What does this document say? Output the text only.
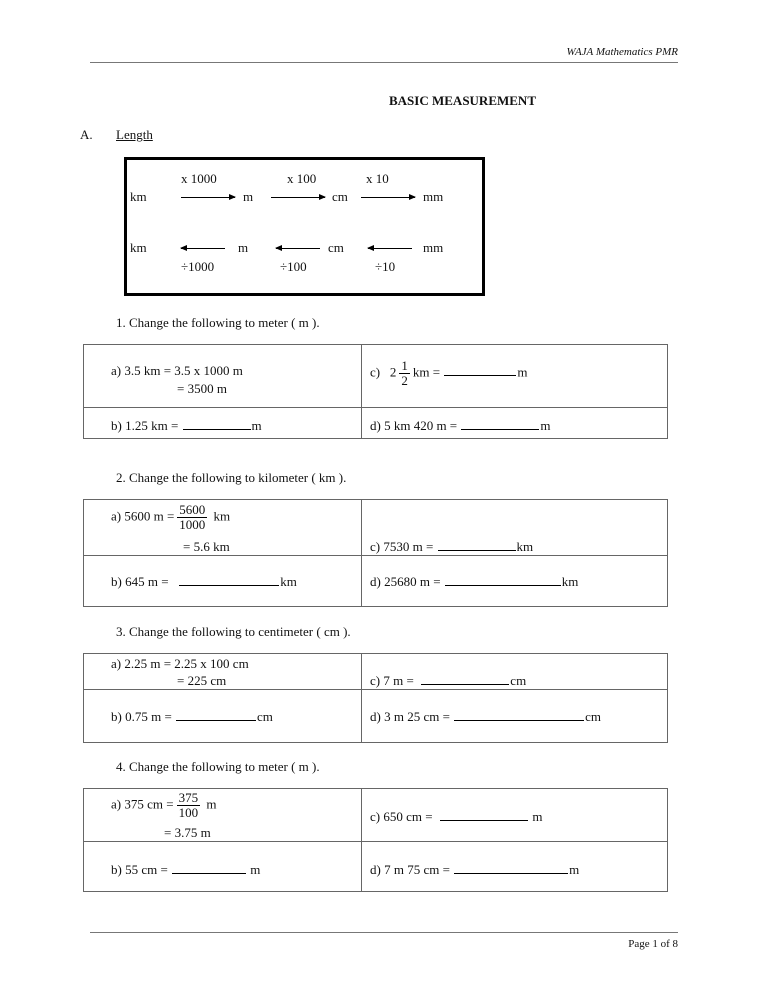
WAJA Mathematics PMR
BASIC MEASUREMENT
A. Length
x 1000	x 100	x 10
km	m	cm	mm
km	m	cm	mm
÷1000	÷100	÷10
1. Change the following to meter ( m ).
a) 3.5 km = 3.5 x 1000 m
= 3500 m
b) 1.25 km =	m
c) $2 \frac{1}{2}$ km =	m
d) 5 km 420 m =	m
2. Change the following to kilometer ( km ).
a) 5600 $m = \frac{5600}{1000}$ km
= 5.6 km
b) 645 m =	km
c) 7530 m =	km
d) 25680 m =	km
3. Change the following to centimeter ( cm ).
a) 2.25 m = 2.25 x 100 cm
= 225 cm
b) 0.75 m =	cm
c) 7 m =	cm
d) 3 m 25 cm =	cm
4. Change the following to meter ( m ).
a) 375 cm = $\frac{375}{100}$ m
= 3.75 m
b) 55 cm =	m
c) 650 cm =	m
d) 7 m 75 cm =	m
Page 1 of 8
